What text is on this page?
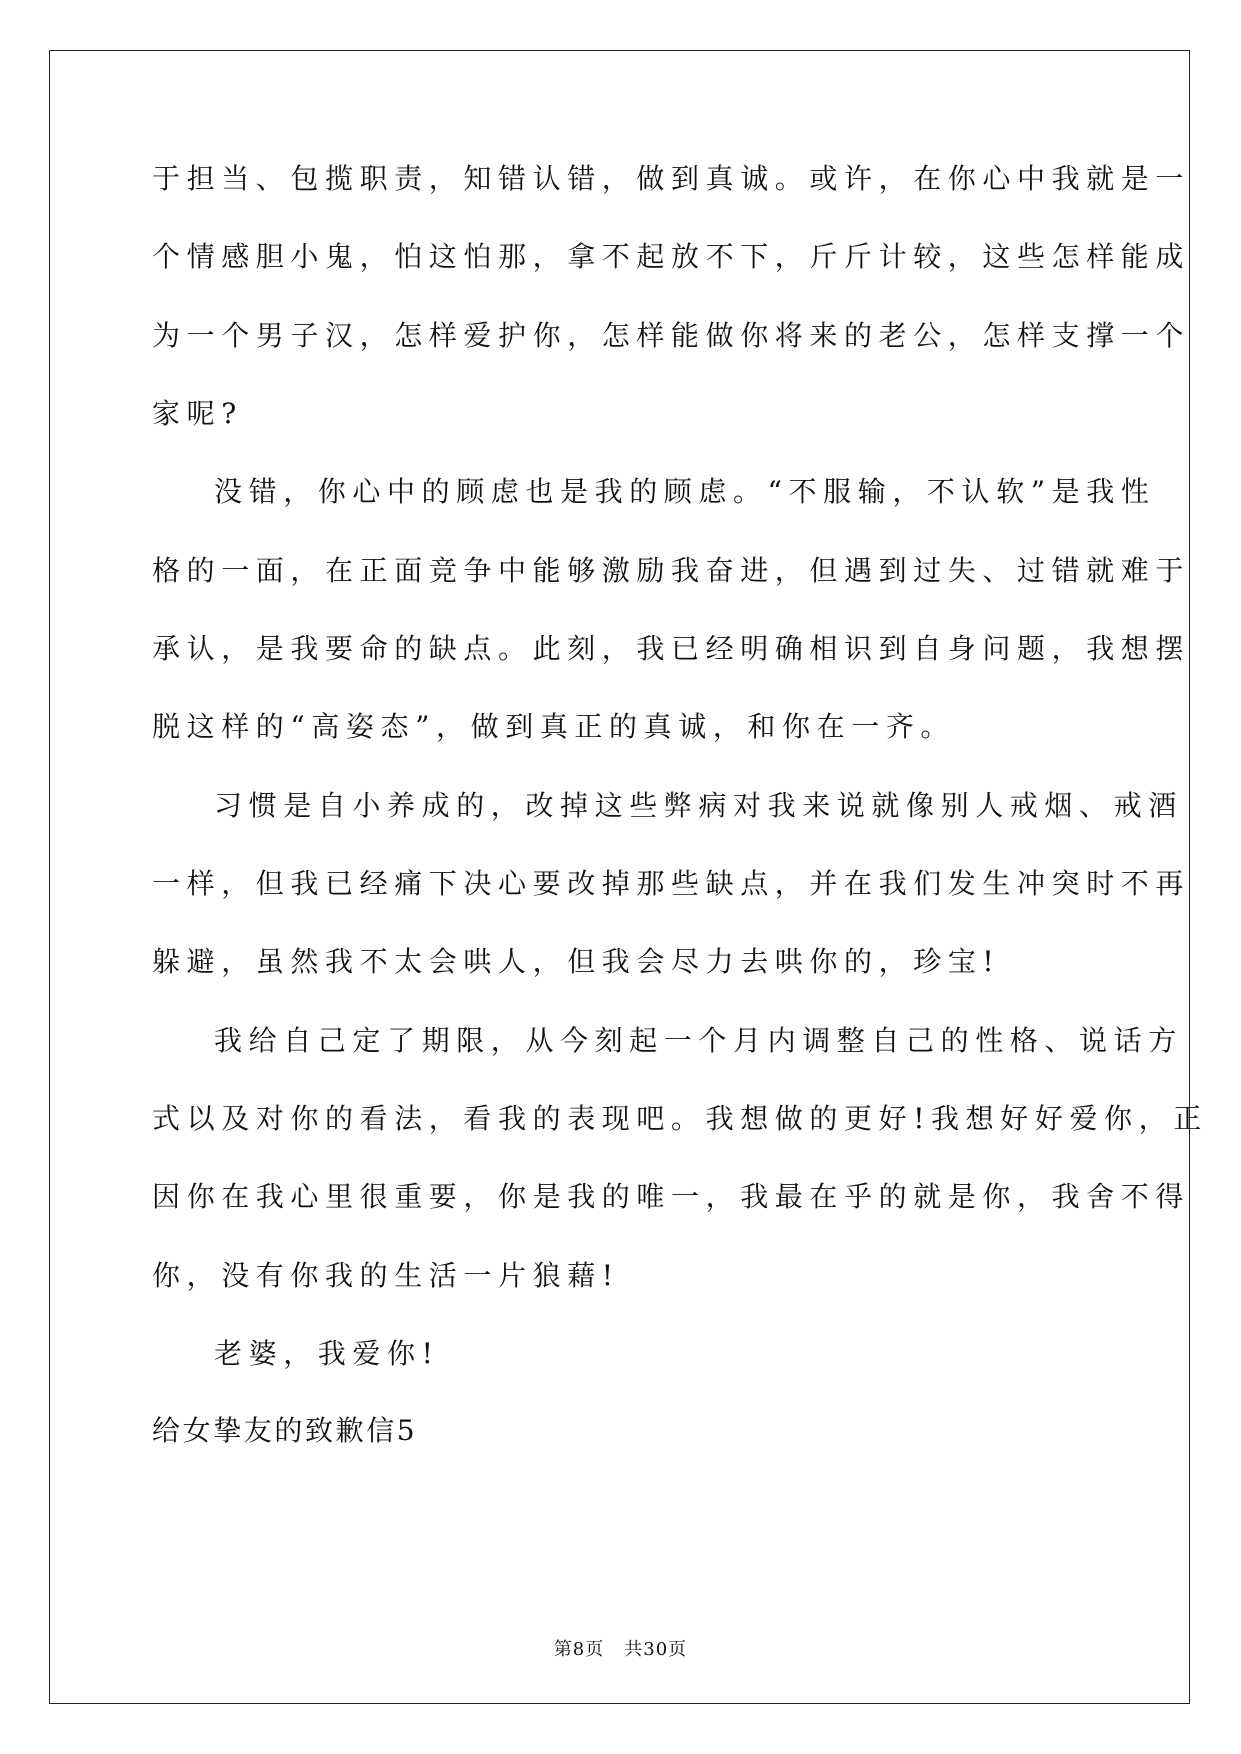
于担当、包揽职责，知错认错，做到真诚。或许，在你心中我就是一
个情感胆小鬼，怕这怕那，拿不起放不下，斤斤计较，这些怎样能成
为一个男子汉，怎样爱护你，怎样能做你将来的老公，怎样支撑一个
家呢?
没错，你心中的顾虑也是我的顾虑。“不服输，不认软”是我性
格的一面，在正面竞争中能够激励我奋进，但遇到过失、过错就难于
承认，是我要命的缺点。此刻，我已经明确相识到自身问题，我想摆
脱这样的“高姿态”，做到真正的真诚，和你在一齐。
习惯是自小养成的，改掉这些弊病对我来说就像别人戒烟、戒酒
一样，但我已经痛下决心要改掉那些缺点，并在我们发生冲突时不再
躲避，虽然我不太会哄人，但我会尽力去哄你的，珍宝!
我给自己定了期限，从今刻起一个月内调整自己的性格、说话方
式以及对你的看法，看我的表现吧。我想做的更好!我想好好爱你，正
因你在我心里很重要，你是我的唯一，我最在乎的就是你，我舍不得
你，没有你我的生活一片狼藉!
老婆，我爱你!
给女挚友的致歉信5
第8页 共30页
